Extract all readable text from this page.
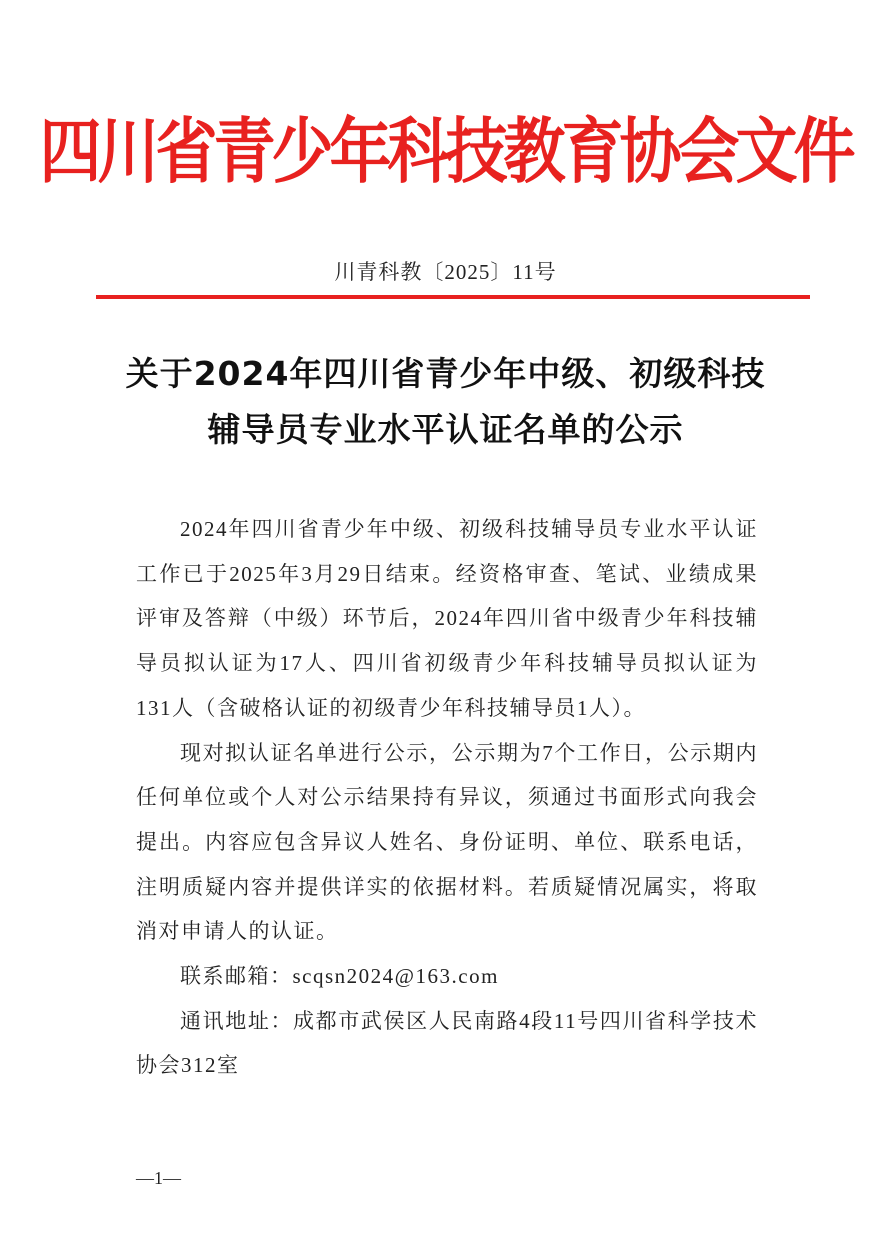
四川省青少年科技教育协会文件
川青科教〔2025〕11号
关于2024年四川省青少年中级、初级科技
辅导员专业水平认证名单的公示

2024年四川省青少年中级、初级科技辅导员专业水平认证工作已于2025年3月29日结束。经资格审查、笔试、业绩成果评审及答辩（中级）环节后，2024年四川省中级青少年科技辅导员拟认证为17人、四川省初级青少年科技辅导员拟认证为131人（含破格认证的初级青少年科技辅导员1人）。

现对拟认证名单进行公示，公示期为7个工作日，公示期内任何单位或个人对公示结果持有异议，须通过书面形式向我会提出。内容应包含异议人姓名、身份证明、单位、联系电话，注明质疑内容并提供详实的依据材料。若质疑情况属实，将取消对申请人的认证。

联系邮箱：scqsn2024@163.com

通讯地址：成都市武侯区人民南路4段11号四川省科学技术协会312室

—1—
